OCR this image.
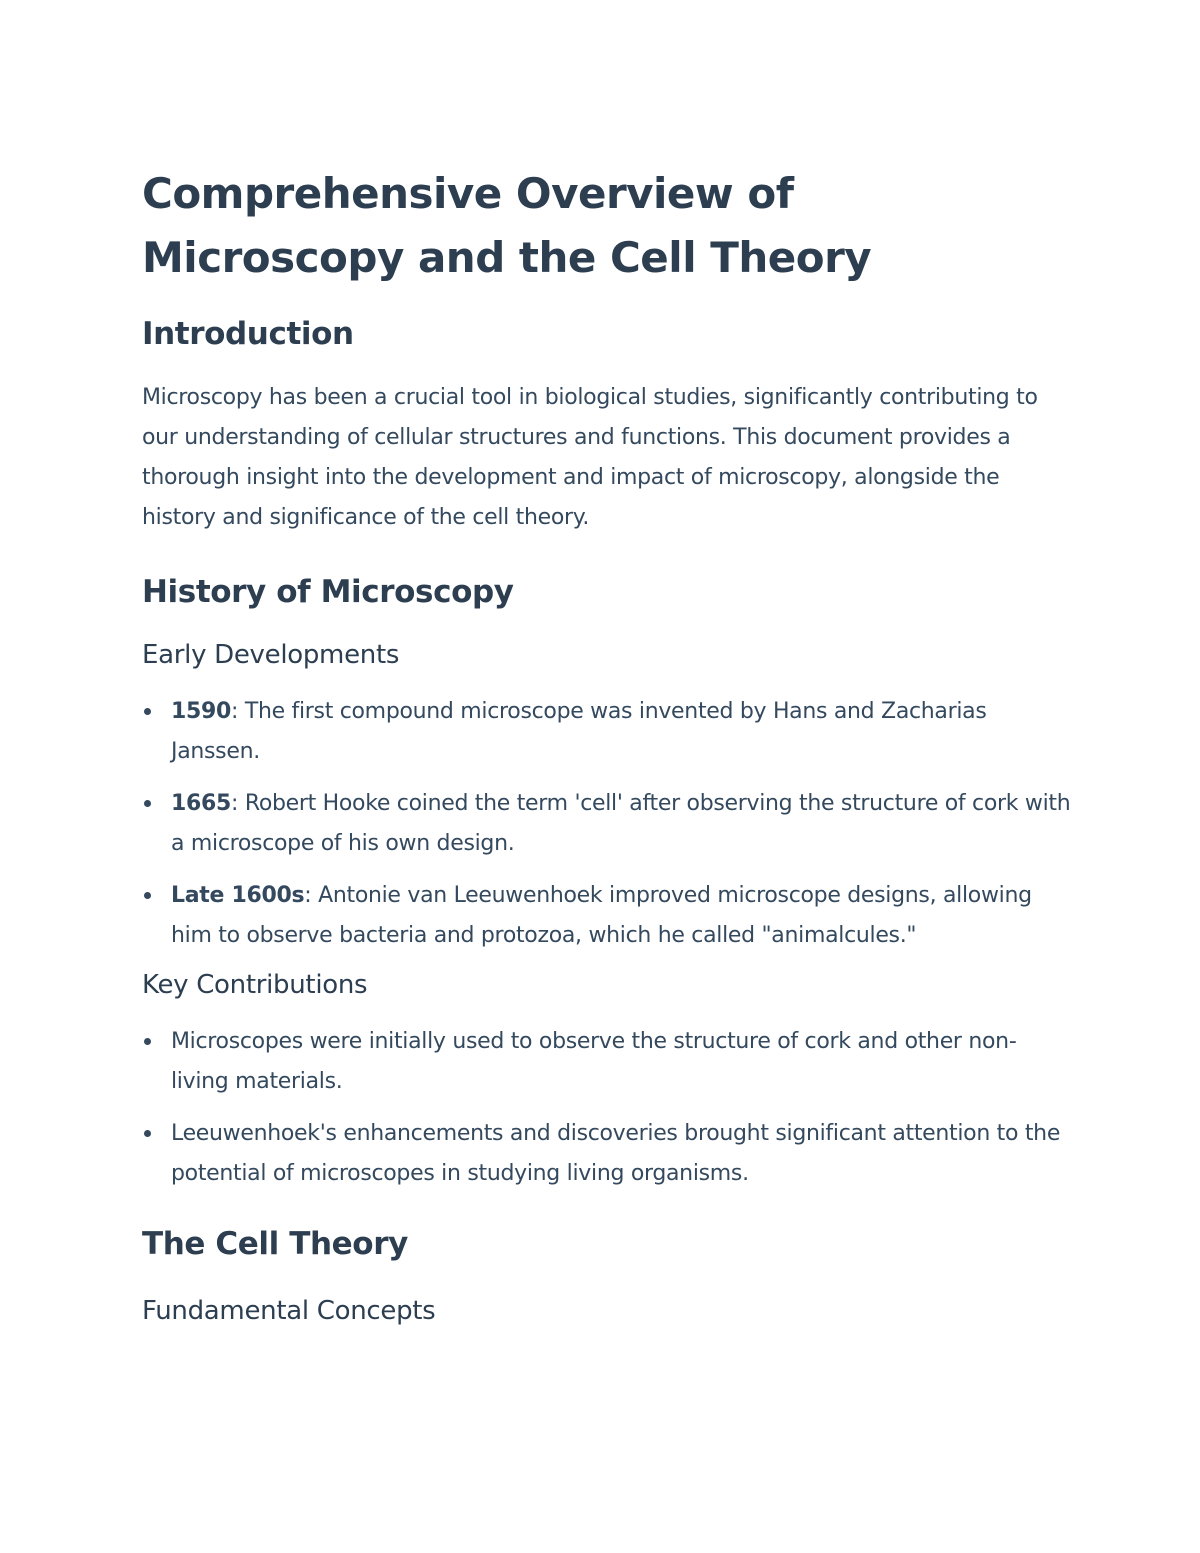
Comprehensive Overview of Microscopy and the Cell Theory
Introduction

Microscopy has been a crucial tool in biological studies, significantly contributing to our understanding of cellular structures and functions. This document provides a thorough insight into the development and impact of microscopy, alongside the history and significance of the cell theory.

History of Microscopy
Early Developments
1590: The first compound microscope was invented by Hans and Zacharias Janssen.
1665: Robert Hooke coined the term 'cell' after observing the structure of cork with a microscope of his own design.
Late 1600s: Antonie van Leeuwenhoek improved microscope designs, allowing him to observe bacteria and protozoa, which he called "animalcules."
Key Contributions
Microscopes were initially used to observe the structure of cork and other non-living materials.
Leeuwenhoek's enhancements and discoveries brought significant attention to the potential of microscopes in studying living organisms.
The Cell Theory
Fundamental Concepts
